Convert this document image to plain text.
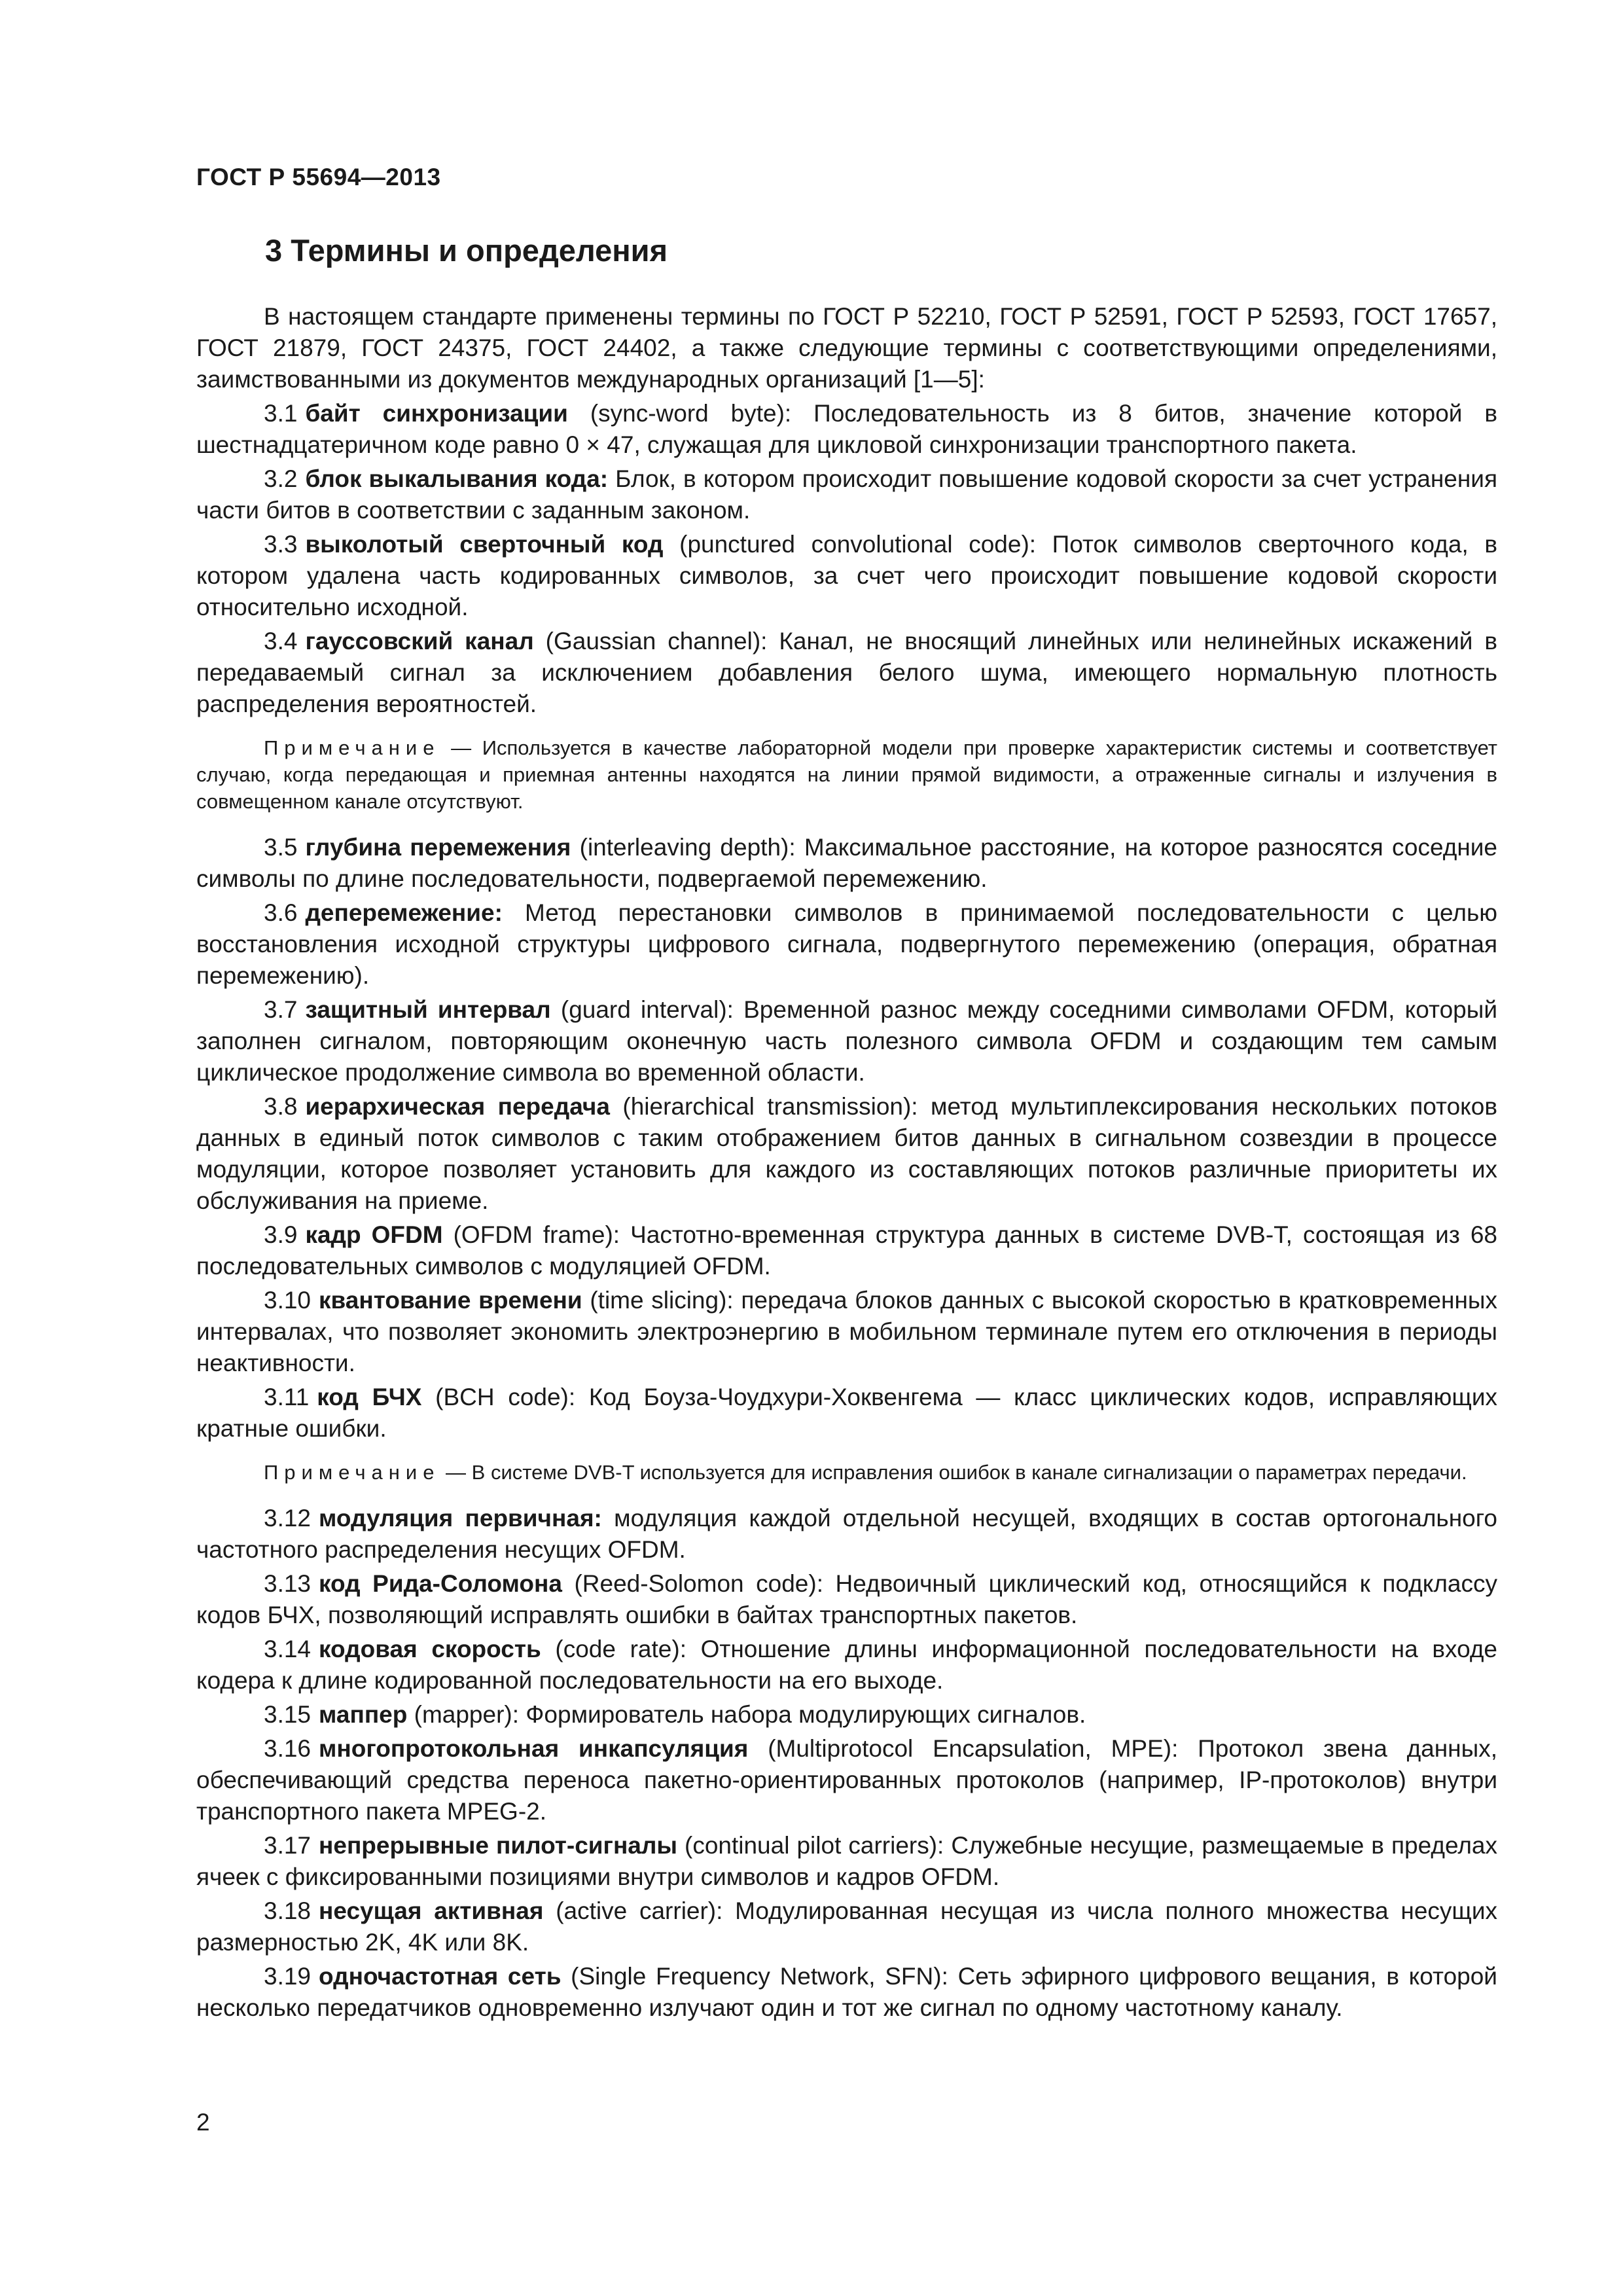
ГОСТ Р 55694—2013
3 Термины и определения

В настоящем стандарте применены термины по ГОСТ Р 52210, ГОСТ Р 52591, ГОСТ Р 52593, ГОСТ 17657, ГОСТ 21879, ГОСТ 24375, ГОСТ 24402, а также следующие термины с соответствующими определениями, заимствованными из документов международных организаций [1—5]:

3.1 байт синхронизации (sync-word byte): Последовательность из 8 битов, значение которой в шестнадцатеричном коде равно 0 × 47, служащая для цикловой синхронизации транспортного пакета.

3.2 блок выкалывания кода: Блок, в котором происходит повышение кодовой скорости за счет устранения части битов в соответствии с заданным законом.

3.3 выколотый сверточный код (punctured convolutional code): Поток символов сверточного кода, в котором удалена часть кодированных символов, за счет чего происходит повышение кодовой скорости относительно исходной.

3.4 гауссовский канал (Gaussian channel): Канал, не вносящий линейных или нелинейных искажений в передаваемый сигнал за исключением добавления белого шума, имеющего нормальную плотность распределения вероятностей.

Примечание — Используется в качестве лабораторной модели при проверке характеристик системы и соответствует случаю, когда передающая и приемная антенны находятся на линии прямой видимости, а отраженные сигналы и излучения в совмещенном канале отсутствуют.

3.5 глубина перемежения (interleaving depth): Максимальное расстояние, на которое разносятся соседние символы по длине последовательности, подвергаемой перемежению.

3.6 деперемежение: Метод перестановки символов в принимаемой последовательности с целью восстановления исходной структуры цифрового сигнала, подвергнутого перемежению (операция, обратная перемежению).

3.7 защитный интервал (guard interval): Временной разнос между соседними символами OFDM, который заполнен сигналом, повторяющим оконечную часть полезного символа OFDM и создающим тем самым циклическое продолжение символа во временной области.

3.8 иерархическая передача (hierarchical transmission): метод мультиплексирования нескольких потоков данных в единый поток символов с таким отображением битов данных в сигнальном созвездии в процессе модуляции, которое позволяет установить для каждого из составляющих потоков различные приоритеты их обслуживания на приеме.

3.9 кадр OFDM (OFDM frame): Частотно-временная структура данных в системе DVB-T, состоящая из 68 последовательных символов с модуляцией OFDM.

3.10 квантование времени (time slicing): передача блоков данных с высокой скоростью в кратковременных интервалах, что позволяет экономить электроэнергию в мобильном терминале путем его отключения в периоды неактивности.

3.11 код БЧХ (BCH code): Код Боуза-Чоудхури-Хоквенгема — класс циклических кодов, исправляющих кратные ошибки.

Примечание — В системе DVB-T используется для исправления ошибок в канале сигнализации о параметрах передачи.

3.12 модуляция первичная: модуляция каждой отдельной несущей, входящих в состав ортогонального частотного распределения несущих OFDM.

3.13 код Рида-Соломона (Reed-Solomon code): Недвоичный циклический код, относящийся к подклассу кодов БЧХ, позволяющий исправлять ошибки в байтах транспортных пакетов.

3.14 кодовая скорость (code rate): Отношение длины информационной последовательности на входе кодера к длине кодированной последовательности на его выходе.

3.15 маппер (mapper): Формирователь набора модулирующих сигналов.

3.16 многопротокольная инкапсуляция (Multiprotocol Encapsulation, MPE): Протокол звена данных, обеспечивающий средства переноса пакетно-ориентированных протоколов (например, IP-протоколов) внутри транспортного пакета MPEG-2.

3.17 непрерывные пилот-сигналы (continual pilot carriers): Служебные несущие, размещаемые в пределах ячеек с фиксированными позициями внутри символов и кадров OFDM.

3.18 несущая активная (active carrier): Модулированная несущая из числа полного множества несущих размерностью 2K, 4K или 8K.

3.19 одночастотная сеть (Single Frequency Network, SFN): Сеть эфирного цифрового вещания, в которой несколько передатчиков одновременно излучают один и тот же сигнал по одному частотному каналу.

2
